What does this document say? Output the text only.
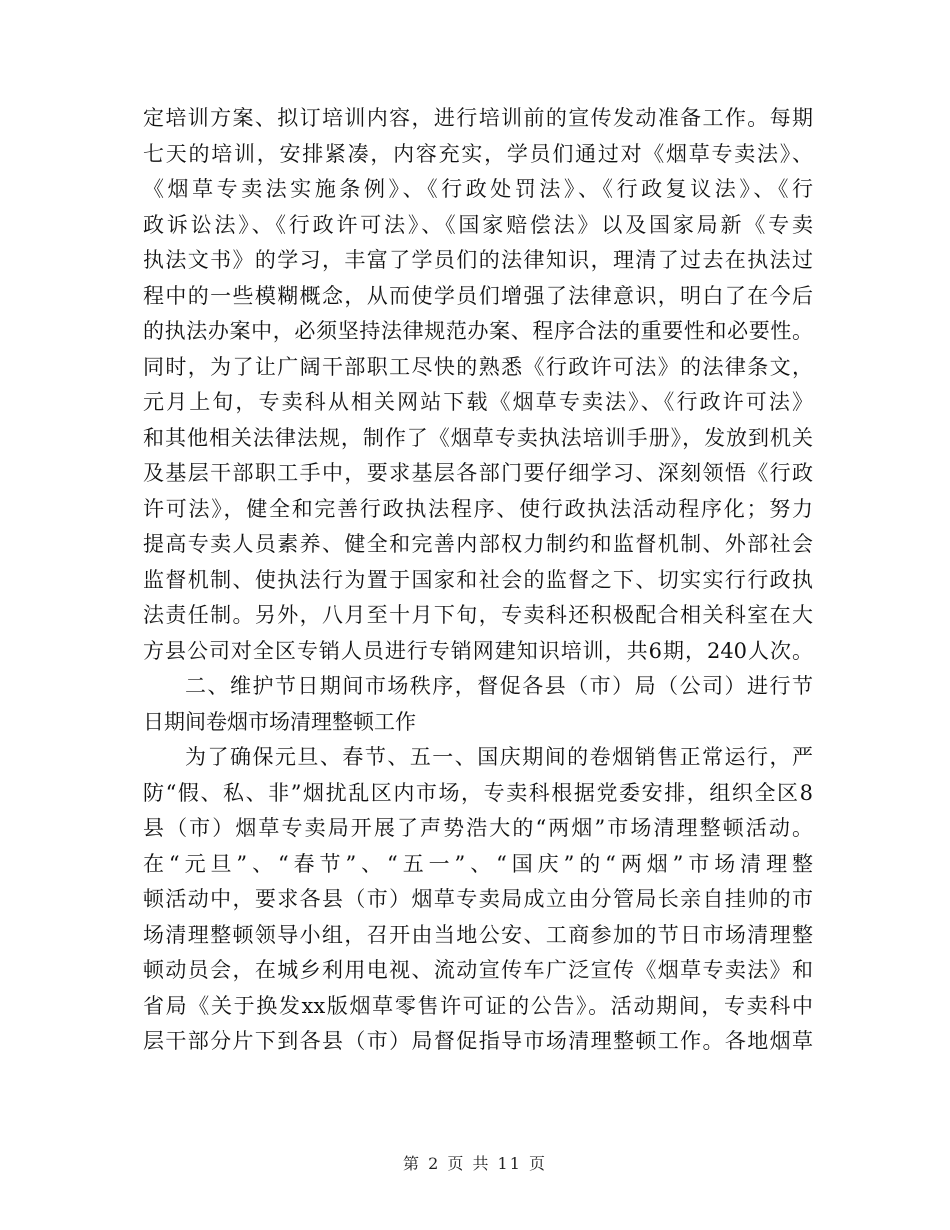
定培训方案、拟订培训内容，进行培训前的宣传发动准备工作。每期
七天的培训，安排紧凑，内容充实，学员们通过对《烟草专卖法》、
《烟草专卖法实施条例》、《行政处罚法》、《行政复议法》、《行
政诉讼法》、《行政许可法》、《国家赔偿法》以及国家局新《专卖
执法文书》的学习，丰富了学员们的法律知识，理清了过去在执法过
程中的一些模糊概念，从而使学员们增强了法律意识，明白了在今后
的执法办案中，必须坚持法律规范办案、程序合法的重要性和必要性。
同时，为了让广阔干部职工尽快的熟悉《行政许可法》的法律条文，
元月上旬，专卖科从相关网站下载《烟草专卖法》、《行政许可法》
和其他相关法律法规，制作了《烟草专卖执法培训手册》，发放到机关
及基层干部职工手中，要求基层各部门要仔细学习、深刻领悟《行政
许可法》，健全和完善行政执法程序、使行政执法活动程序化；努力
提高专卖人员素养、健全和完善内部权力制约和监督机制、外部社会
监督机制、使执法行为置于国家和社会的监督之下、切实实行行政执
法责任制。另外，八月至十月下旬，专卖科还积极配合相关科室在大
方县公司对全区专销人员进行专销网建知识培训，共6期，240人次。
二、维护节日期间市场秩序，督促各县（市）局（公司）进行节
日期间卷烟市场清理整顿工作
为了确保元旦、春节、五一、国庆期间的卷烟销售正常运行，严
防“假、私、非”烟扰乱区内市场，专卖科根据党委安排，组织全区8
县（市）烟草专卖局开展了声势浩大的“两烟”市场清理整顿活动。
在“元旦”、“春节”、“五一”、“国庆”的“两烟”市场清理整
顿活动中，要求各县（市）烟草专卖局成立由分管局长亲自挂帅的市
场清理整顿领导小组，召开由当地公安、工商参加的节日市场清理整
顿动员会，在城乡利用电视、流动宣传车广泛宣传《烟草专卖法》和
省局《关于换发xx版烟草零售许可证的公告》。活动期间，专卖科中
层干部分片下到各县（市）局督促指导市场清理整顿工作。各地烟草
第 2 页 共 11 页
